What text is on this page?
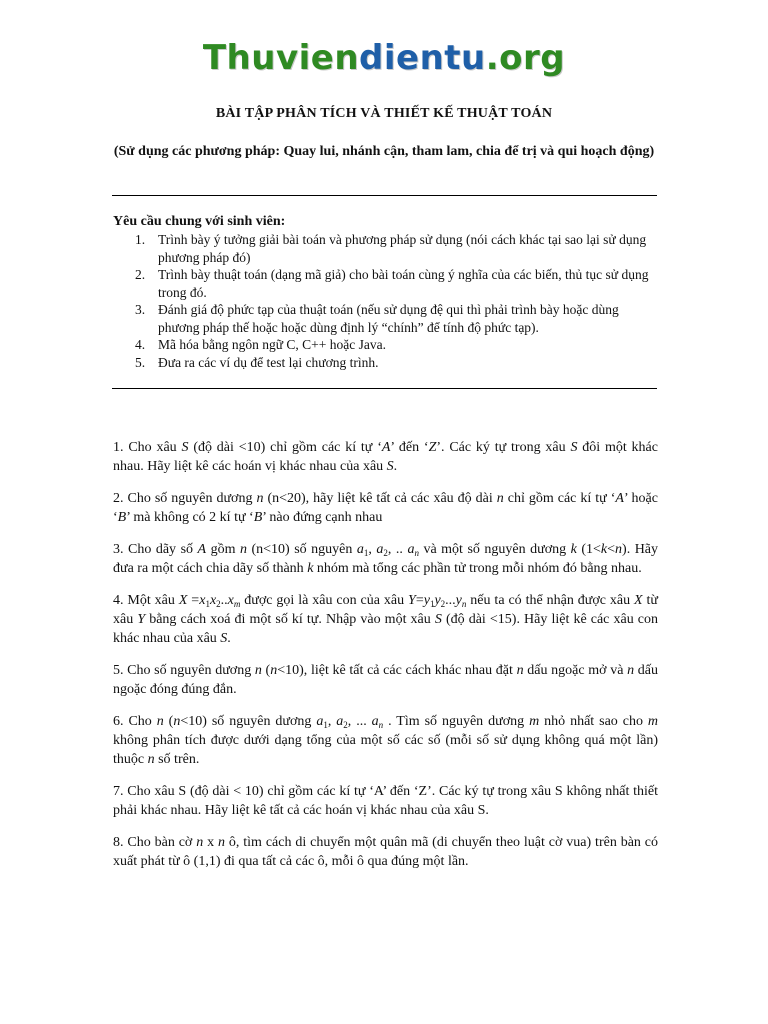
Thuviendientu.org
BÀI TẬP PHÂN TÍCH VÀ THIẾT KẾ THUẬT TOÁN
(Sử dụng các phương pháp: Quay lui, nhánh cận, tham lam, chia để trị và qui hoạch động)
Yêu cầu chung với sinh viên:
1. Trình bày ý tưởng giải bài toán và phương pháp sử dụng (nói cách khác tại sao lại sử dụng phương pháp đó)
2. Trình bày thuật toán (dạng mã giả) cho bài toán cùng ý nghĩa của các biến, thủ tục sử dụng trong đó.
3. Đánh giá độ phức tạp của thuật toán (nếu sử dụng đệ qui thì phải trình bày hoặc dùng phương pháp thế hoặc hoặc dùng định lý “chính” để tính độ phức tạp).
4. Mã hóa bằng ngôn ngữ C, C++ hoặc Java.
5. Đưa ra các ví dụ để test lại chương trình.

1. Cho xâu S (độ dài <10) chỉ gồm các kí tự ‘A’ đến ‘Z’. Các ký tự trong xâu S đôi một khác nhau. Hãy liệt kê các hoán vị khác nhau của xâu S.

2. Cho số nguyên dương n (n<20), hãy liệt kê tất cả các xâu độ dài n chỉ gồm các kí tự ‘A’ hoặc ‘B’ mà không có 2 kí tự ‘B’ nào đứng cạnh nhau

3. Cho dãy số A gồm n (n<10) số nguyên $a_1$, $a_2$, .. $a_n$ và một số nguyên dương k (1<k<n). Hãy đưa ra một cách chia dãy số thành k nhóm mà tổng các phần tử trong mỗi nhóm đó bằng nhau.

4. Một xâu $X =x_1x_2..x_m$ được gọi là xâu con của xâu $Y=y_1y_2...y_n$ nếu ta có thể nhận được xâu X từ xâu Y bằng cách xoá đi một số kí tự. Nhập vào một xâu S (độ dài <15). Hãy liệt kê các xâu con khác nhau của xâu S.

5. Cho số nguyên dương n (n<10), liệt kê tất cả các cách khác nhau đặt n dấu ngoặc mở và n dấu ngoặc đóng đúng đắn.

6. Cho n (n<10) số nguyên dương $a_1$, $a_2$, ... $a_n$ . Tìm số nguyên dương m nhỏ nhất sao cho m không phân tích được dưới dạng tổng của một số các số (mỗi số sử dụng không quá một lần) thuộc n số trên.

7. Cho xâu S (độ dài < 10) chỉ gồm các kí tự ‘A’ đến ‘Z’. Các ký tự trong xâu S không nhất thiết phải khác nhau. Hãy liệt kê tất cả các hoán vị khác nhau của xâu S.

8. Cho bàn cờ n x n ô, tìm cách di chuyển một quân mã (di chuyển theo luật cờ vua) trên bàn có xuất phát từ ô (1,1) đi qua tất cả các ô, mỗi ô qua đúng một lần.
